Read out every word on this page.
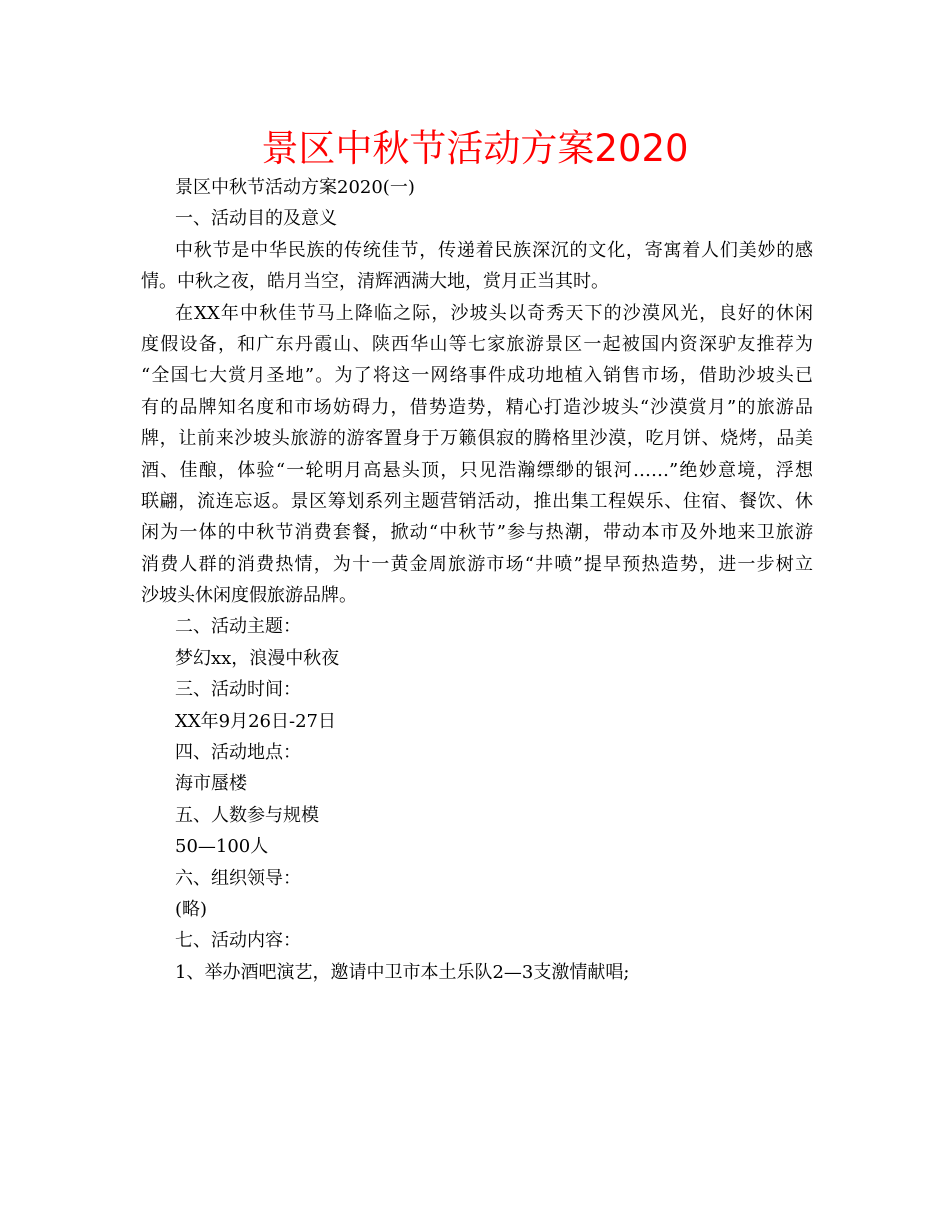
景区中秋节活动方案2020
景区中秋节活动方案2020(一)
一、活动目的及意义
中秋节是中华民族的传统佳节，传递着民族深沉的文化，寄寓着人们美妙的感
情。中秋之夜，皓月当空，清辉洒满大地，赏月正当其时。
在XX年中秋佳节马上降临之际，沙坡头以奇秀天下的沙漠风光，良好的休闲
度假设备，和广东丹霞山、陕西华山等七家旅游景区一起被国内资深驴友推荐为
“全国七大赏月圣地”。为了将这一网络事件成功地植入销售市场，借助沙坡头已
有的品牌知名度和市场妨碍力，借势造势，精心打造沙坡头“沙漠赏月”的旅游品
牌，让前来沙坡头旅游的游客置身于万籁俱寂的腾格里沙漠，吃月饼、烧烤，品美
酒、佳酿，体验“一轮明月高悬头顶，只见浩瀚缥缈的银河……”绝妙意境，浮想
联翩，流连忘返。景区筹划系列主题营销活动，推出集工程娱乐、住宿、餐饮、休
闲为一体的中秋节消费套餐，掀动“中秋节”参与热潮，带动本市及外地来卫旅游
消费人群的消费热情，为十一黄金周旅游市场“井喷”提早预热造势，进一步树立
沙坡头休闲度假旅游品牌。
二、活动主题：
梦幻xx，浪漫中秋夜
三、活动时间：
XX年9月26日-27日
四、活动地点：
海市蜃楼
五、人数参与规模
50—100人
六、组织领导：
(略)
七、活动内容：
1、举办酒吧演艺，邀请中卫市本土乐队2—3支激情献唱;
